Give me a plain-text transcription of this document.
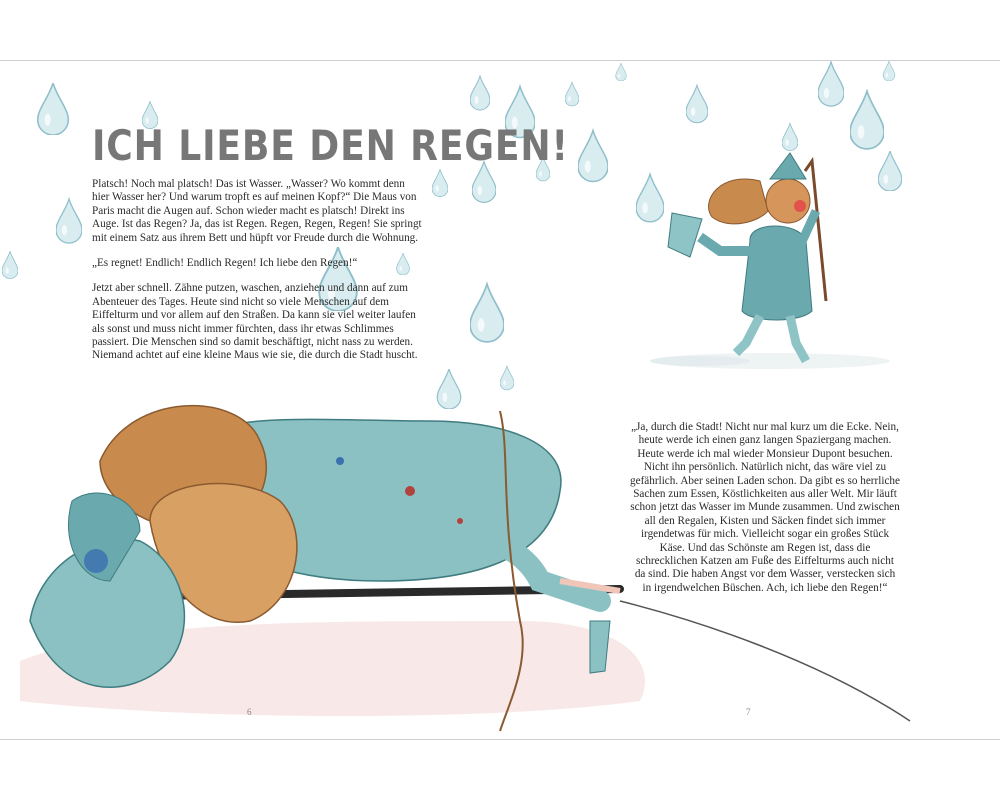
ICH LIEBE DEN REGEN!

Platsch! Noch mal platsch! Das ist Wasser. „Wasser? Wo kommt denn hier Wasser her? Und warum tropft es auf meinen Kopf?“ Die Maus von Paris macht die Augen auf. Schon wieder macht es platsch! Direkt ins Auge. Ist das Regen? Ja, das ist Regen. Regen, Regen, Regen! Sie springt mit einem Satz aus ihrem Bett und hüpft vor Freude durch die Wohnung.

„Es regnet! Endlich! Endlich Regen! Ich liebe den Regen!“

Jetzt aber schnell. Zähne putzen, waschen, anziehen und dann auf zum Abenteuer des Tages. Heute sind nicht so viele Menschen auf dem Eiffelturm und vor allem auf den Straßen. Da kann sie viel weiter laufen als sonst und muss nicht immer fürchten, dass ihr etwas Schlimmes passiert. Die Menschen sind so damit beschäftigt, nicht nass zu werden. Niemand achtet auf eine kleine Maus wie sie, die durch die Stadt huscht.

„Ja, durch die Stadt! Nicht nur mal kurz um die Ecke. Nein, heute werde ich einen ganz langen Spaziergang machen. Heute werde ich mal wieder Monsieur Dupont besuchen. Nicht ihn persönlich. Natürlich nicht, das wäre viel zu gefährlich. Aber seinen Laden schon. Da gibt es so herrliche Sachen zum Essen, Köstlichkeiten aus aller Welt. Mir läuft schon jetzt das Wasser im Munde zusammen. Und zwischen all den Regalen, Kisten und Säcken findet sich immer irgendetwas für mich. Vielleicht sogar ein großes Stück Käse. Und das Schönste am Regen ist, dass die schrecklichen Katzen am Fuße des Eiffelturms auch nicht da sind. Die haben Angst vor dem Wasser, verstecken sich in irgendwelchen Büschen. Ach, ich liebe den Regen!“

6	7
